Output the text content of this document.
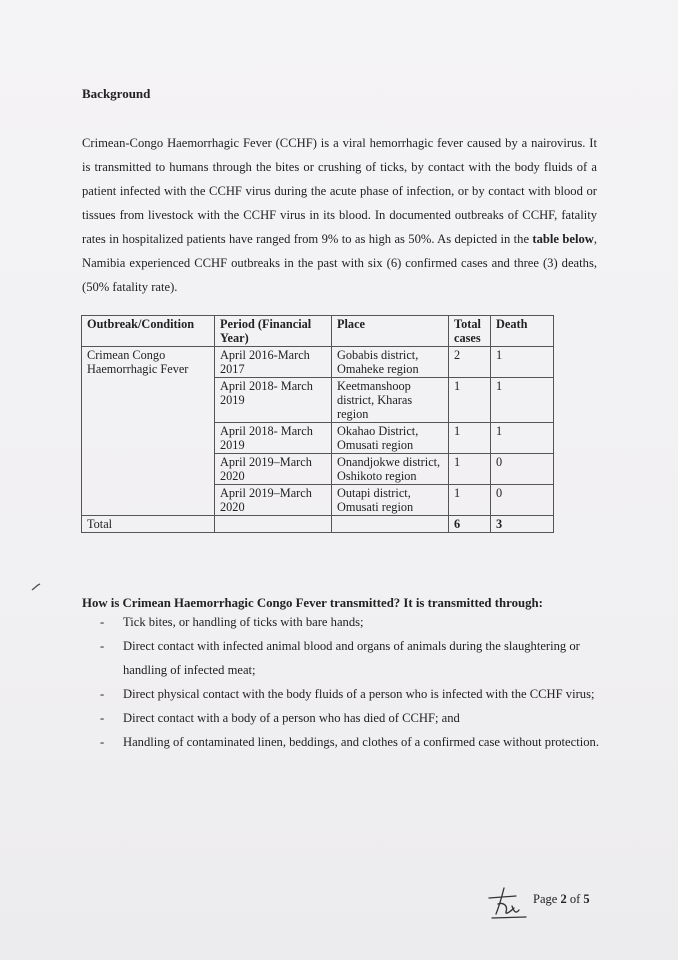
Background

Crimean-Congo Haemorrhagic Fever (CCHF) is a viral hemorrhagic fever caused by a nairovirus. It is transmitted to humans through the bites or crushing of ticks, by contact with the body fluids of a patient infected with the CCHF virus during the acute phase of infection, or by contact with blood or tissues from livestock with the CCHF virus in its blood. In documented outbreaks of CCHF, fatality rates in hospitalized patients have ranged from 9% to as high as 50%. As depicted in the table below, Namibia experienced CCHF outbreaks in the past with six (6) confirmed cases and three (3) deaths, (50% fatality rate).

Outbreak/Condition	Period (Financial Year)	Place	Total cases	Death
Crimean Congo Haemorrhagic Fever	April 2016-March 2017	Gobabis district, Omaheke region	2	1
	April 2018- March 2019	Keetmanshoop district, Kharas region	1	1
	April 2018- March 2019	Okahao District, Omusati region	1	1
	April 2019–March 2020	Onandjokwe district, Oshikoto region	1	0
	April 2019–March 2020	Outapi district, Omusati region	1	0
Total			6	3
How is Crimean Haemorrhagic Congo Fever transmitted? It is transmitted through:
- Tick bites, or handling of ticks with bare hands;
- Direct contact with infected animal blood and organs of animals during the slaughtering or handling of infected meat;
- Direct physical contact with the body fluids of a person who is infected with the CCHF virus;
- Direct contact with a body of a person who has died of CCHF; and
- Handling of contaminated linen, beddings, and clothes of a confirmed case without protection.
Page 2 of 5
